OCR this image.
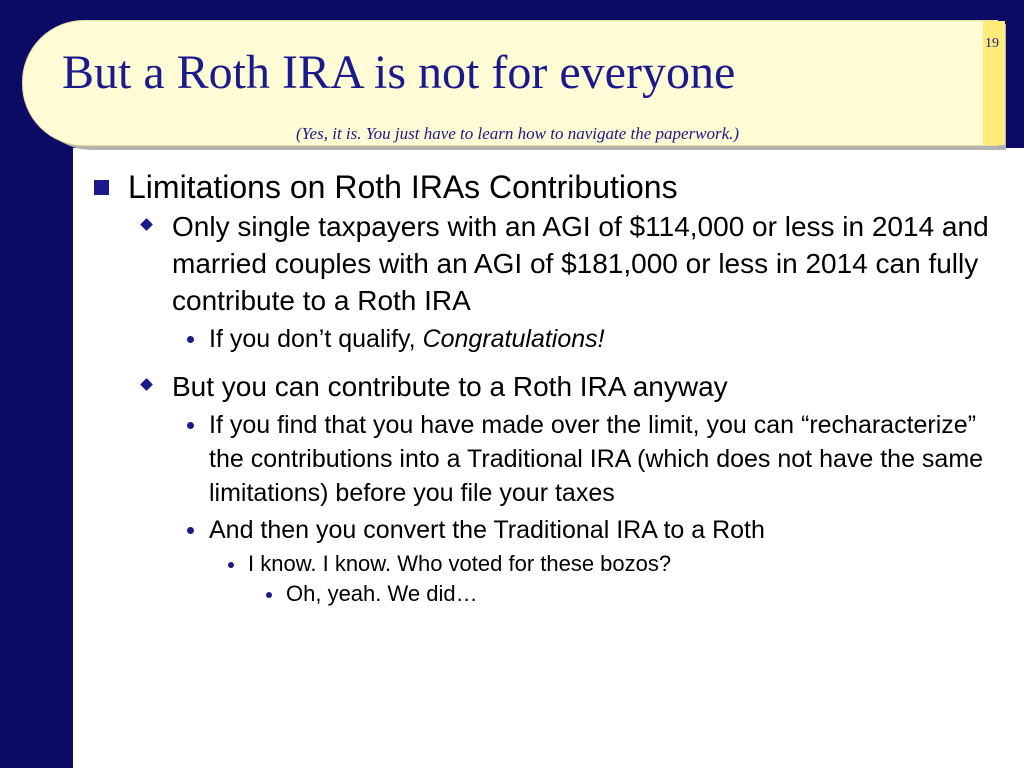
19
But a Roth IRA is not for everyone

(Yes, it is. You just have to learn how to navigate the paperwork.)

Limitations on Roth IRAs Contributions
Only single taxpayers with an AGI of $114,000 or less in 2014 and married couples with an AGI of $181,000 or less in 2014 can fully contribute to a Roth IRA
If you don’t qualify, Congratulations!
But you can contribute to a Roth IRA anyway
If you find that you have made over the limit, you can “recharacterize” the contributions into a Traditional IRA (which does not have the same limitations) before you file your taxes
And then you convert the Traditional IRA to a Roth
I know. I know. Who voted for these bozos?
Oh, yeah. We did…
